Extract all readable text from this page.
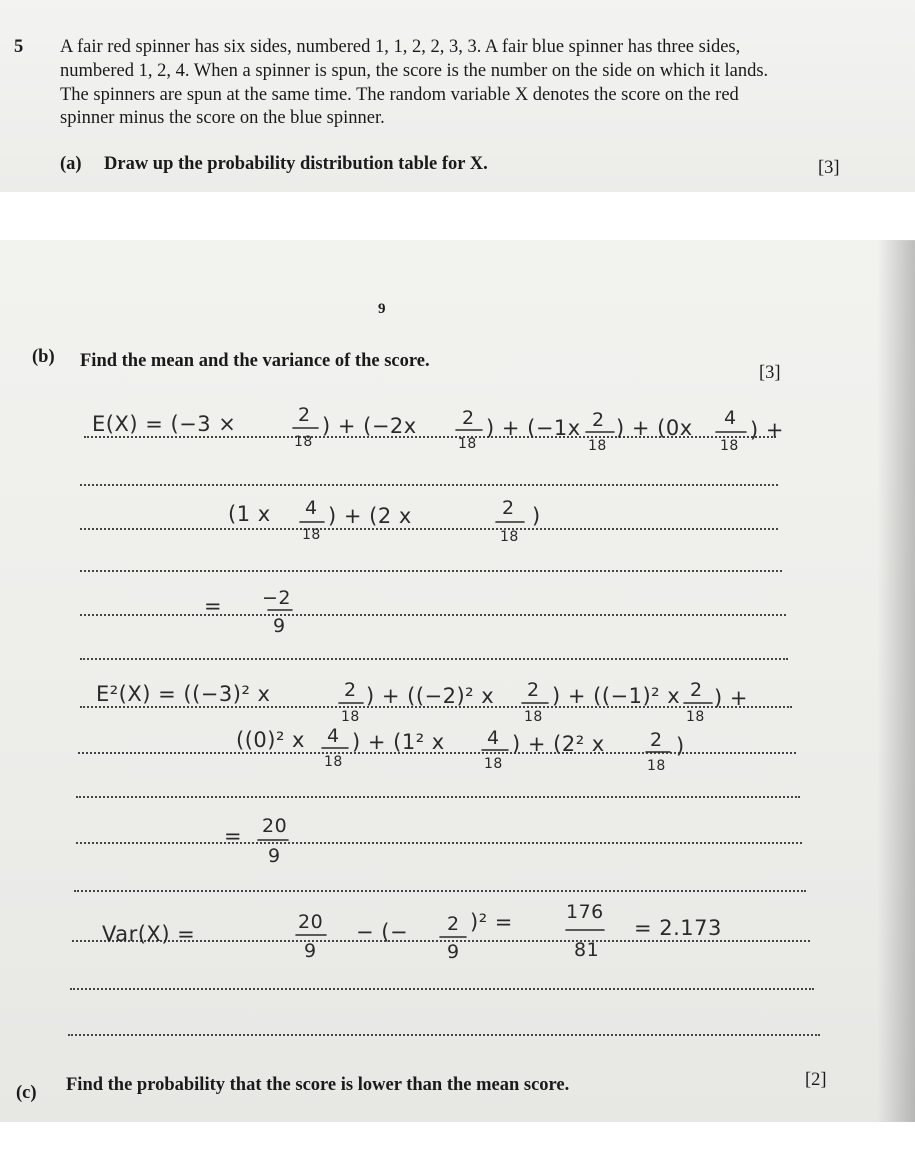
5 A fair red spinner has six sides, numbered 1, 1, 2, 2, 3, 3. A fair blue spinner has three sides,
numbered 1, 2, 4. When a spinner is spun, the score is the number on the side on which it lands.
The spinners are spun at the same time. The random variable X denotes the score on the red
spinner minus the score on the blue spinner.
(a) Draw up the probability distribution table for X.	[3]
9
(b) Find the mean and the variance of the score.
[3]
(c) Find the probability that the score is lower than the mean score.	[2]
E(X) = (−3 ×	2
18
) + (−2x 2
18
) + (−1x 2
18
) + (0x 4
18
) +
(1 x 4
18
) + (2 x	2
18
)
= −2
9
E²(X) = ((−3)² x	2
18
) + ((−2)² x 2
18
) + ((−1)² x 2
18
) +
((0)² x 4
18
) + (1² x 4
18
) + (2² x 2
18
)
= 20
9
Var(X) =	20
9
− (− 2
9
)² =	176
81
= 2.173
